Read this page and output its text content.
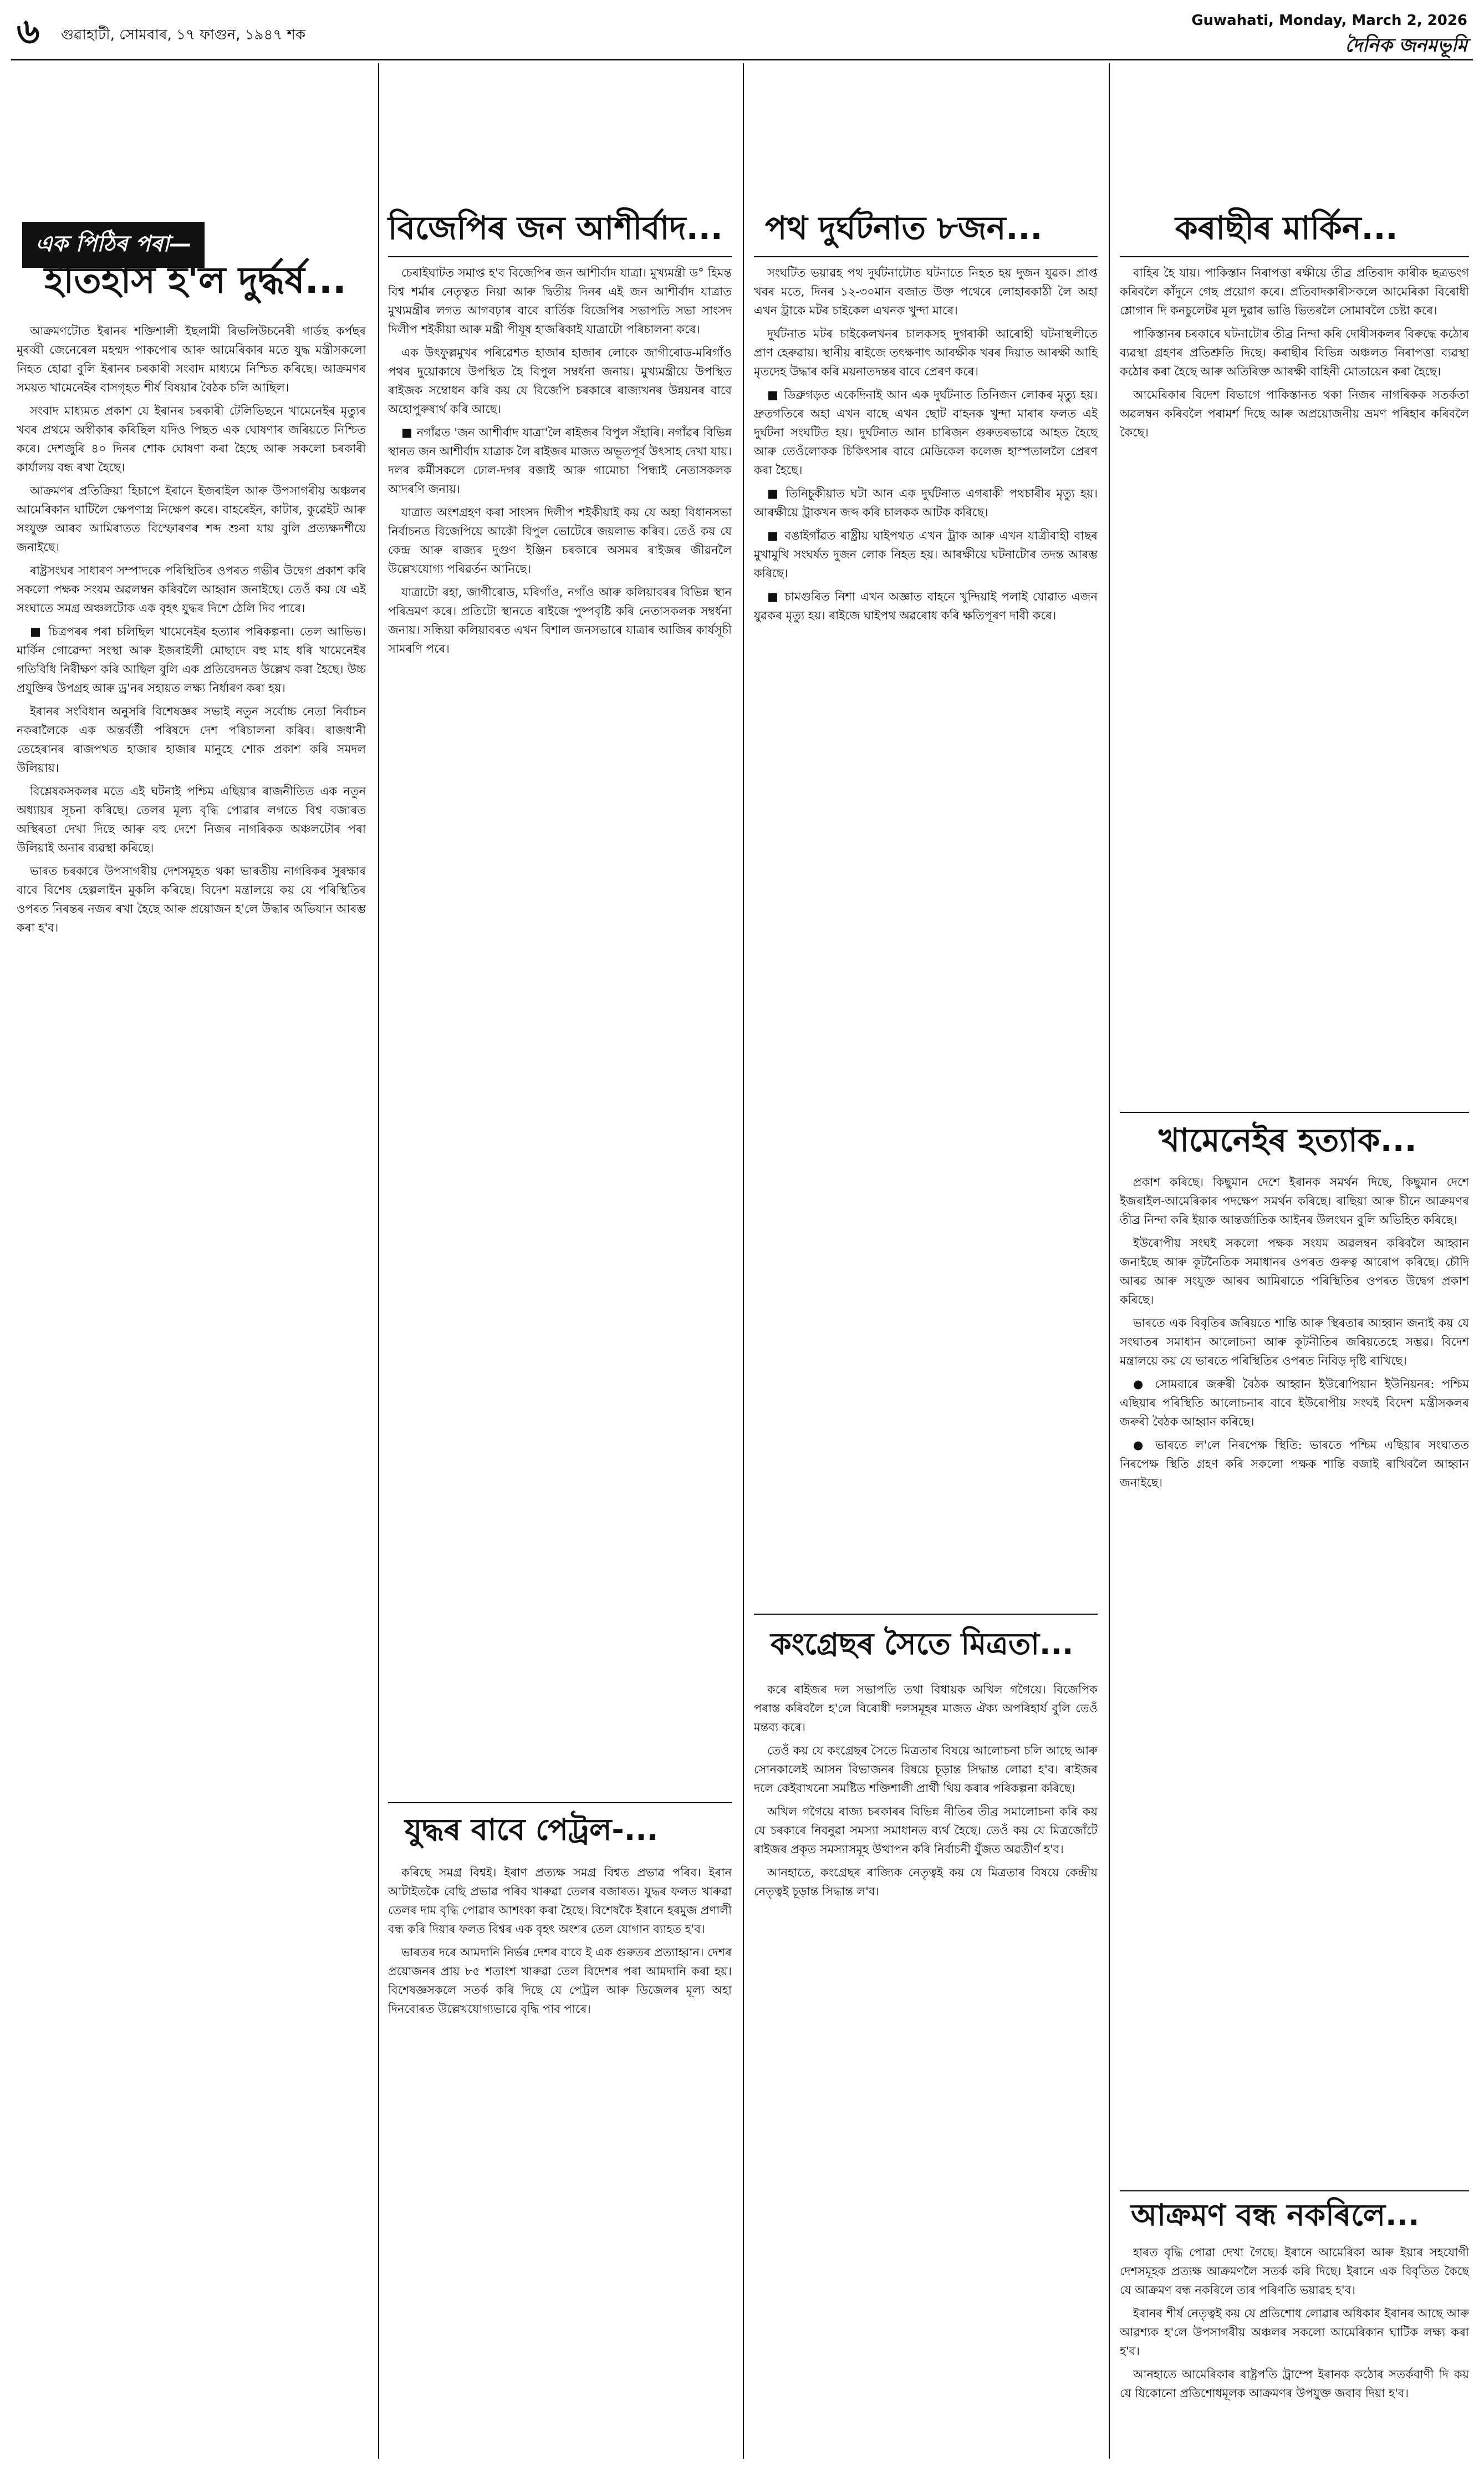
৬ গুৱাহাটী, সোমবাৰ, ১৭ ফাগুন, ১৯৪৭ শক
Guwahati, Monday, March 2, 2026
দৈনিক জনমভূমি
এক পিঠিৰ পৰা—
ইতিহাস হ'ল দুৰ্দ্ধৰ্ষ...

আক্ৰমণটোত ইৰানৰ শক্তিশালী ইছলামী ৰিভলিউচনেৰী গাৰ্ডছ কৰ্পছৰ মুৰব্বী জেনেৰেল মহম্মদ পাকপোৰ আৰু আমেৰিকাৰ মতে যুদ্ধ মন্ত্ৰীসকলো নিহত হোৱা বুলি ইৰানৰ চৰকাৰী সংবাদ মাধ্যমে নিশ্চিত কৰিছে। আক্ৰমণৰ সময়ত খামেনেইৰ বাসগৃহত শীৰ্ষ বিষয়াৰ বৈঠক চলি আছিল।

সংবাদ মাধ্যমত প্ৰকাশ যে ইৰানৰ চৰকাৰী টেলিভিছনে খামেনেইৰ মৃত্যুৰ খবৰ প্ৰথমে অস্বীকাৰ কৰিছিল যদিও পিছত এক ঘোষণাৰ জৰিয়তে নিশ্চিত কৰে। দেশজুৰি ৪০ দিনৰ শোক ঘোষণা কৰা হৈছে আৰু সকলো চৰকাৰী কাৰ্যালয় বন্ধ ৰখা হৈছে।

আক্ৰমণৰ প্ৰতিক্ৰিয়া হিচাপে ইৰানে ইজৰাইল আৰু উপসাগৰীয় অঞ্চলৰ আমেৰিকান ঘাটিলৈ ক্ষেপণাস্ত্ৰ নিক্ষেপ কৰে। বাহৰেইন, কাটাৰ, কুৱেইট আৰু সংযুক্ত আৰব আমিৰাতত বিস্ফোৰণৰ শব্দ শুনা যায় বুলি প্ৰত্যক্ষদৰ্শীয়ে জনাইছে।

ৰাষ্ট্ৰসংঘৰ সাধাৰণ সম্পাদকে পৰিস্থিতিৰ ওপৰত গভীৰ উদ্বেগ প্ৰকাশ কৰি সকলো পক্ষক সংযম অৱলম্বন কৰিবলৈ আহ্বান জনাইছে। তেওঁ কয় যে এই সংঘাতে সমগ্ৰ অঞ্চলটোক এক বৃহৎ যুদ্ধৰ দিশে ঠেলি দিব পাৰে।

■ চিত্ৰপৰৰ পৰা চলিছিল খামেনেইৰ হত্যাৰ পৰিকল্পনা। তেল আভিভ। মাৰ্কিন গোৱেন্দা সংস্থা আৰু ইজৰাইলী মোছাদে বহু মাহ ধৰি খামেনেইৰ গতিবিধি নিৰীক্ষণ কৰি আছিল বুলি এক প্ৰতিবেদনত উল্লেখ কৰা হৈছে। উচ্চ প্ৰযুক্তিৰ উপগ্ৰহ আৰু ড্ৰ'নৰ সহায়ত লক্ষ্য নিৰ্ধাৰণ কৰা হয়।

ইৰানৰ সংবিধান অনুসৰি বিশেষজ্ঞৰ সভাই নতুন সৰ্বোচ্চ নেতা নিৰ্বাচন নকৰালৈকে এক অন্তৰ্বৰ্তী পৰিষদে দেশ পৰিচালনা কৰিব। ৰাজধানী তেহেৰানৰ ৰাজপথত হাজাৰ হাজাৰ মানুহে শোক প্ৰকাশ কৰি সমদল উলিয়ায়।

বিশ্লেষকসকলৰ মতে এই ঘটনাই পশ্চিম এছিয়াৰ ৰাজনীতিত এক নতুন অধ্যায়ৰ সূচনা কৰিছে। তেলৰ মূল্য বৃদ্ধি পোৱাৰ লগতে বিশ্ব বজাৰত অস্থিৰতা দেখা দিছে আৰু বহু দেশে নিজৰ নাগৰিকক অঞ্চলটোৰ পৰা উলিয়াই অনাৰ ব্যৱস্থা কৰিছে।

ভাৰত চৰকাৰে উপসাগৰীয় দেশসমূহত থকা ভাৰতীয় নাগৰিকৰ সুৰক্ষাৰ বাবে বিশেষ হেল্পলাইন মুকলি কৰিছে। বিদেশ মন্ত্ৰালয়ে কয় যে পৰিস্থিতিৰ ওপৰত নিৰন্তৰ নজৰ ৰখা হৈছে আৰু প্ৰয়োজন হ'লে উদ্ধাৰ অভিযান আৰম্ভ কৰা হ'ব।

বিজেপিৰ জন আশীৰ্বাদ...

চেৰাইঘাটত সমাপ্ত হ'ব বিজেপিৰ জন আশীৰ্বাদ যাত্ৰা। মুখ্যমন্ত্ৰী ড° হিমন্ত বিশ্ব শৰ্মাৰ নেতৃত্বত নিয়া আৰু দ্বিতীয় দিনৰ এই জন আশীৰ্বাদ যাত্ৰাত মুখ্যমন্ত্ৰীৰ লগত আগবঢ়াৰ বাবে বাৰ্তিক বিজেপিৰ সভাপতি সভা সাংসদ দিলীপ শইকীয়া আৰু মন্ত্ৰী পীযূষ হাজৰিকাই যাত্ৰাটো পৰিচালনা কৰে।

এক উৎফুল্লমুখৰ পৰিৱেশত হাজাৰ হাজাৰ লোকে জাগীৰোড-মৰিগাঁও পথৰ দুয়োকাষে উপস্থিত হৈ বিপুল সম্বৰ্ধনা জনায়। মুখ্যমন্ত্ৰীয়ে উপস্থিত ৰাইজক সম্বোধন কৰি কয় যে বিজেপি চৰকাৰে ৰাজ্যখনৰ উন্নয়নৰ বাবে অহোপুৰুষাৰ্থ কৰি আছে।

■ নগাঁৱত 'জন আশীৰ্বাদ যাত্ৰা'লৈ ৰাইজৰ বিপুল সঁহাৰি। নগাঁৱৰ বিভিন্ন স্থানত জন আশীৰ্বাদ যাত্ৰাক লৈ ৰাইজৰ মাজত অভূতপূৰ্ব উৎসাহ দেখা যায়। দলৰ কৰ্মীসকলে ঢোল-দগৰ বজাই আৰু গামোচা পিন্ধাই নেতাসকলক আদৰণি জনায়।

যাত্ৰাত অংশগ্ৰহণ কৰা সাংসদ দিলীপ শইকীয়াই কয় যে অহা বিধানসভা নিৰ্বাচনত বিজেপিয়ে আকৌ বিপুল ভোটেৰে জয়লাভ কৰিব। তেওঁ কয় যে কেন্দ্ৰ আৰু ৰাজ্যৰ দুগুণ ইঞ্জিন চৰকাৰে অসমৰ ৰাইজৰ জীৱনলৈ উল্লেখযোগ্য পৰিৱৰ্তন আনিছে।

যাত্ৰাটো ৰহা, জাগীৰোড, মৰিগাঁও, নগাঁও আৰু কলিয়াবৰৰ বিভিন্ন স্থান পৰিভ্ৰমণ কৰে। প্ৰতিটো স্থানতে ৰাইজে পুষ্পবৃষ্টি কৰি নেতাসকলক সম্বৰ্ধনা জনায়। সন্ধিয়া কলিয়াবৰত এখন বিশাল জনসভাৰে যাত্ৰাৰ আজিৰ কাৰ্যসূচী সামৰণি পৰে।

যুদ্ধৰ বাবে পেট্ৰল-...

কৰিছে সমগ্ৰ বিশ্বই। ইৰাণ প্ৰত্যক্ষ সমগ্ৰ বিশ্বত প্ৰভাৱ পৰিব। ইৰান আটাইতকৈ বেছি প্ৰভাৱ পৰিব খাৰুৱা তেলৰ বজাৰত। যুদ্ধৰ ফলত খাৰুৱা তেলৰ দাম বৃদ্ধি পোৱাৰ আশংকা কৰা হৈছে। বিশেষকৈ ইৰানে হৰমুজ প্ৰণালী বন্ধ কৰি দিয়াৰ ফলত বিশ্বৰ এক বৃহৎ অংশৰ তেল যোগান ব্যাহত হ'ব।

ভাৰতৰ দৰে আমদানি নিৰ্ভৰ দেশৰ বাবে ই এক গুৰুতৰ প্ৰত্যাহ্বান। দেশৰ প্ৰয়োজনৰ প্ৰায় ৮৫ শতাংশ খাৰুৱা তেল বিদেশৰ পৰা আমদানি কৰা হয়। বিশেষজ্ঞসকলে সতৰ্ক কৰি দিছে যে পেট্ৰল আৰু ডিজেলৰ মূল্য অহা দিনবোৰত উল্লেখযোগ্যভাৱে বৃদ্ধি পাব পাৰে।

পথ দুৰ্ঘটনাত ৮জন...

সংঘটিত ভয়াৱহ পথ দুৰ্ঘটনাটোত ঘটনাতে নিহত হয় দুজন যুৱক। প্ৰাপ্ত খবৰ মতে, দিনৰ ১২-৩০মান বজাত উক্ত পথেৰে লোহাৰকাঠী লৈ অহা এখন ট্ৰাকে মটৰ চাইকেল এখনক খুন্দা মাৰে।

দুৰ্ঘটনাত মটৰ চাইকেলখনৰ চালকসহ দুগৰাকী আৰোহী ঘটনাস্থলীতে প্ৰাণ হেৰুৱায়। স্থানীয় ৰাইজে তৎক্ষণাৎ আৰক্ষীক খবৰ দিয়াত আৰক্ষী আহি মৃতদেহ উদ্ধাৰ কৰি ময়নাতদন্তৰ বাবে প্ৰেৰণ কৰে।

■ ডিব্ৰুগড়ত একেদিনাই আন এক দুৰ্ঘটনাত তিনিজন লোকৰ মৃত্যু হয়। দ্ৰুতগতিৰে অহা এখন বাছে এখন ছোট বাহনক খুন্দা মাৰাৰ ফলত এই দুৰ্ঘটনা সংঘটিত হয়। দুৰ্ঘটনাত আন চাৰিজন গুৰুতৰভাৱে আহত হৈছে আৰু তেওঁলোকক চিকিৎসাৰ বাবে মেডিকেল কলেজ হাস্পতাললৈ প্ৰেৰণ কৰা হৈছে।

■ তিনিচুকীয়াত ঘটা আন এক দুৰ্ঘটনাত এগৰাকী পথচাৰীৰ মৃত্যু হয়। আৰক্ষীয়ে ট্ৰাকখন জব্দ কৰি চালকক আটক কৰিছে।

■ বঙাইগাঁৱত ৰাষ্ট্ৰীয় ঘাইপথত এখন ট্ৰাক আৰু এখন যাত্ৰীবাহী বাছৰ মুখামুখি সংঘৰ্ষত দুজন লোক নিহত হয়। আৰক্ষীয়ে ঘটনাটোৰ তদন্ত আৰম্ভ কৰিছে।

■ চামগুৰিত নিশা এখন অজ্ঞাত বাহনে খুন্দিয়াই পলাই যোৱাত এজন যুৱকৰ মৃত্যু হয়। ৰাইজে ঘাইপথ অৱৰোধ কৰি ক্ষতিপূৰণ দাবী কৰে।

কংগ্ৰেছৰ সৈতে মিত্ৰতা...

কৰে ৰাইজৰ দল সভাপতি তথা বিধায়ক অখিল গগৈয়ে। বিজেপিক পৰাস্ত কৰিবলৈ হ'লে বিৰোধী দলসমূহৰ মাজত ঐক্য অপৰিহাৰ্য বুলি তেওঁ মন্তব্য কৰে।

তেওঁ কয় যে কংগ্ৰেছৰ সৈতে মিত্ৰতাৰ বিষয়ে আলোচনা চলি আছে আৰু সোনকালেই আসন বিভাজনৰ বিষয়ে চূড়ান্ত সিদ্ধান্ত লোৱা হ'ব। ৰাইজৰ দলে কেইবাখনো সমষ্টিত শক্তিশালী প্ৰাৰ্থী থিয় কৰাৰ পৰিকল্পনা কৰিছে।

অখিল গগৈয়ে ৰাজ্য চৰকাৰৰ বিভিন্ন নীতিৰ তীব্ৰ সমালোচনা কৰি কয় যে চৰকাৰে নিবনুৱা সমস্যা সমাধানত ব্যৰ্থ হৈছে। তেওঁ কয় যে মিত্ৰজোঁটে ৰাইজৰ প্ৰকৃত সমস্যাসমূহ উত্থাপন কৰি নিৰ্বাচনী যুঁজত অৱতীৰ্ণ হ'ব।

আনহাতে, কংগ্ৰেছৰ ৰাজ্যিক নেতৃত্বই কয় যে মিত্ৰতাৰ বিষয়ে কেন্দ্ৰীয় নেতৃত্বই চূড়ান্ত সিদ্ধান্ত ল'ব।

কৰাছীৰ মাৰ্কিন...

বাহিৰ হৈ যায়। পাকিস্তান নিৰাপত্তা ৰক্ষীয়ে তীব্ৰ প্ৰতিবাদ কাৰীক ছত্ৰভংগ কৰিবলৈ কাঁদুনে গেছ প্ৰয়োগ কৰে। প্ৰতিবাদকাৰীসকলে আমেৰিকা বিৰোধী শ্লোগান দি কনচুলেটৰ মূল দুৱাৰ ভাঙি ভিতৰলৈ সোমাবলৈ চেষ্টা কৰে।

পাকিস্তানৰ চৰকাৰে ঘটনাটোৰ তীব্ৰ নিন্দা কৰি দোষীসকলৰ বিৰুদ্ধে কঠোৰ ব্যৱস্থা গ্ৰহণৰ প্ৰতিশ্ৰুতি দিছে। কৰাছীৰ বিভিন্ন অঞ্চলত নিৰাপত্তা ব্যৱস্থা কঠোৰ কৰা হৈছে আৰু অতিৰিক্ত আৰক্ষী বাহিনী মোতায়েন কৰা হৈছে।

আমেৰিকাৰ বিদেশ বিভাগে পাকিস্তানত থকা নিজৰ নাগৰিকক সতৰ্কতা অৱলম্বন কৰিবলৈ পৰামৰ্শ দিছে আৰু অপ্ৰয়োজনীয় ভ্ৰমণ পৰিহাৰ কৰিবলৈ কৈছে।

খামেনেইৰ হত্যাক...

প্ৰকাশ কৰিছে। কিছুমান দেশে ইৰানক সমৰ্থন দিছে, কিছুমান দেশে ইজৰাইল-আমেৰিকাৰ পদক্ষেপ সমৰ্থন কৰিছে। ৰাছিয়া আৰু চীনে আক্ৰমণৰ তীব্ৰ নিন্দা কৰি ইয়াক আন্তৰ্জাতিক আইনৰ উলংঘন বুলি অভিহিত কৰিছে।

ইউৰোপীয় সংঘই সকলো পক্ষক সংযম অৱলম্বন কৰিবলৈ আহ্বান জনাইছে আৰু কূটনৈতিক সমাধানৰ ওপৰত গুৰুত্ব আৰোপ কৰিছে। চৌদি আৰৱ আৰু সংযুক্ত আৰব আমিৰাতে পৰিস্থিতিৰ ওপৰত উদ্বেগ প্ৰকাশ কৰিছে।

ভাৰতে এক বিবৃতিৰ জৰিয়তে শান্তি আৰু স্থিৰতাৰ আহ্বান জনাই কয় যে সংঘাতৰ সমাধান আলোচনা আৰু কূটনীতিৰ জৰিয়তেহে সম্ভৱ। বিদেশ মন্ত্ৰালয়ে কয় যে ভাৰতে পৰিস্থিতিৰ ওপৰত নিবিড় দৃষ্টি ৰাখিছে।

● সোমবাৰে জৰুৰী বৈঠক আহ্বান ইউৰোপিয়ান ইউনিয়নৰ: পশ্চিম এছিয়াৰ পৰিস্থিতি আলোচনাৰ বাবে ইউৰোপীয় সংঘই বিদেশ মন্ত্ৰীসকলৰ জৰুৰী বৈঠক আহ্বান কৰিছে।

● ভাৰতে ল'লে নিৰপেক্ষ স্থিতি: ভাৰতে পশ্চিম এছিয়াৰ সংঘাতত নিৰপেক্ষ স্থিতি গ্ৰহণ কৰি সকলো পক্ষক শান্তি বজাই ৰাখিবলৈ আহ্বান জনাইছে।

আক্ৰমণ বন্ধ নকৰিলে...

হাৰত বৃদ্ধি পোৱা দেখা গৈছে। ইৰানে আমেৰিকা আৰু ইয়াৰ সহযোগী দেশসমূহক প্ৰত্যক্ষ আক্ৰমণলৈ সতৰ্ক কৰি দিছে। ইৰানে এক বিবৃতিত কৈছে যে আক্ৰমণ বন্ধ নকৰিলে তাৰ পৰিণতি ভয়াৱহ হ'ব।

ইৰানৰ শীৰ্ষ নেতৃত্বই কয় যে প্ৰতিশোধ লোৱাৰ অধিকাৰ ইৰানৰ আছে আৰু আৱশ্যক হ'লে উপসাগৰীয় অঞ্চলৰ সকলো আমেৰিকান ঘাটিক লক্ষ্য কৰা হ'ব।

আনহাতে আমেৰিকাৰ ৰাষ্ট্ৰপতি ট্ৰাম্পে ইৰানক কঠোৰ সতৰ্কবাণী দি কয় যে যিকোনো প্ৰতিশোধমূলক আক্ৰমণৰ উপযুক্ত জবাব দিয়া হ'ব।
